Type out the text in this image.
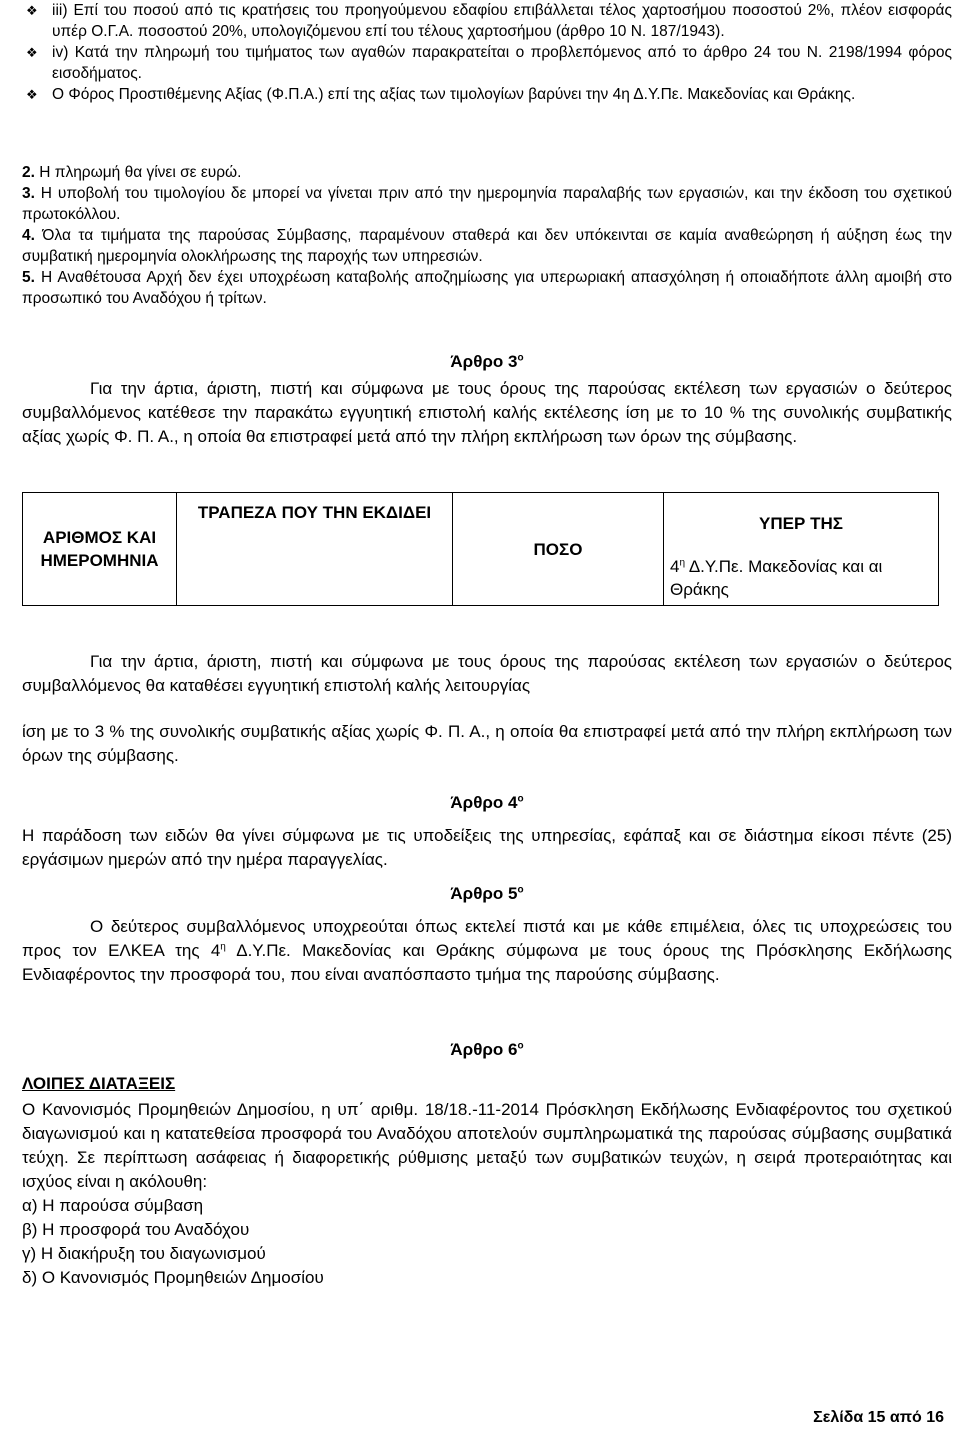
❖ iii) Επί του ποσού από τις κρατήσεις του προηγούμενου εδαφίου επιβάλλεται τέλος χαρτοσήμου ποσοστού 2%, πλέον εισφοράς υπέρ Ο.Γ.Α. ποσοστού 20%, υπολογιζόμενου επί του τέλους χαρτοσήμου (άρθρο 10 Ν. 187/1943).
❖ iv) Κατά την πληρωμή του τιμήματος των αγαθών παρακρατείται ο προβλεπόμενος από το άρθρο 24 του Ν. 2198/1994 φόρος εισοδήματος.
❖ Ο Φόρος Προστιθέμενης Αξίας (Φ.Π.Α.) επί της αξίας των τιμολογίων βαρύνει την 4η Δ.Υ.Πε. Μακεδονίας και Θράκης.
2. Η πληρωμή θα γίνει σε ευρώ.
3. Η υποβολή του τιμολογίου δε μπορεί να γίνεται πριν από την ημερομηνία παραλαβής των εργασιών, και την έκδοση του σχετικού πρωτοκόλλου.
4. Όλα τα τιμήματα της παρούσας Σύμβασης, παραμένουν σταθερά και δεν υπόκεινται σε καμία αναθεώρηση ή αύξηση έως την συμβατική ημερομηνία ολοκλήρωσης της παροχής των υπηρεσιών.
5. Η Αναθέτουσα Αρχή δεν έχει υποχρέωση καταβολής αποζημίωσης για υπερωριακή απασχόληση ή οποιαδήποτε άλλη αμοιβή στο προσωπικό του Αναδόχου ή τρίτων.
Άρθρο $3^o$
Για την άρτια, άριστη, πιστή και σύμφωνα με τους όρους της παρούσας εκτέλεση των εργασιών ο δεύτερος συμβαλλόμενος κατέθεσε την παρακάτω εγγυητική επιστολή καλής εκτέλεσης ίση με το 10 % της συνολικής συμβατικής αξίας χωρίς Φ. Π. Α., η οποία θα επιστραφεί μετά από την πλήρη εκπλήρωση των όρων της σύμβασης.
ΑΡΙΘΜΟΣ ΚΑΙ ΗΜΕΡΟΜΗΝΙΑ	ΤΡΑΠΕΖΑ ΠΟΥ ΤΗΝ ΕΚΔΙΔΕΙ	ΠΟΣΟ	ΥΠΕΡ ΤΗΣ
$4^\eta$ Δ.Υ.Πε. Μακεδονίας και αι Θράκης
Για την άρτια, άριστη, πιστή και σύμφωνα με τους όρους της παρούσας εκτέλεση των εργασιών ο δεύτερος συμβαλλόμενος θα καταθέσει εγγυητική επιστολή καλής λειτουργίας
ίση με το 3 % της συνολικής συμβατικής αξίας χωρίς Φ. Π. Α., η οποία θα επιστραφεί μετά από την πλήρη εκπλήρωση των όρων της σύμβασης.
Άρθρο $4^o$
Η παράδοση των ειδών θα γίνει σύμφωνα με τις υποδείξεις της υπηρεσίας, εφάπαξ και σε διάστημα είκοσι πέντε (25) εργάσιμων ημερών από την ημέρα παραγγελίας.
Άρθρο $5^o$
Ο δεύτερος συμβαλλόμενος υποχρεούται όπως εκτελεί πιστά και με κάθε επιμέλεια, όλες τις υποχρεώσεις του προς τον ΕΛΚΕΑ της $4^\eta$ Δ.Υ.Πε. Μακεδονίας και Θράκης σύμφωνα με τους όρους της Πρόσκλησης Εκδήλωσης Ενδιαφέροντος την προσφορά του, που είναι αναπόσπαστο τμήμα της παρούσης σύμβασης.
Άρθρο $6^o$
ΛΟΙΠΕΣ ΔΙΑΤΑΞΕΙΣ
Ο Κανονισμός Προμηθειών Δημοσίου, η υπ΄ αριθμ. 18/18.-11-2014 Πρόσκληση Εκδήλωσης Ενδιαφέροντος του σχετικού διαγωνισμού και η κατατεθείσα προσφορά του Αναδόχου αποτελούν συμπληρωματικά της παρούσας σύμβασης συμβατικά τεύχη. Σε περίπτωση ασάφειας ή διαφορετικής ρύθμισης μεταξύ των συμβατικών τευχών, η σειρά προτεραιότητας και ισχύος είναι η ακόλουθη:
α) Η παρούσα σύμβαση
β) Η προσφορά του Αναδόχου
γ) Η διακήρυξη του διαγωνισμού
δ) Ο Κανονισμός Προμηθειών Δημοσίου
Σελίδα 15 από 16
